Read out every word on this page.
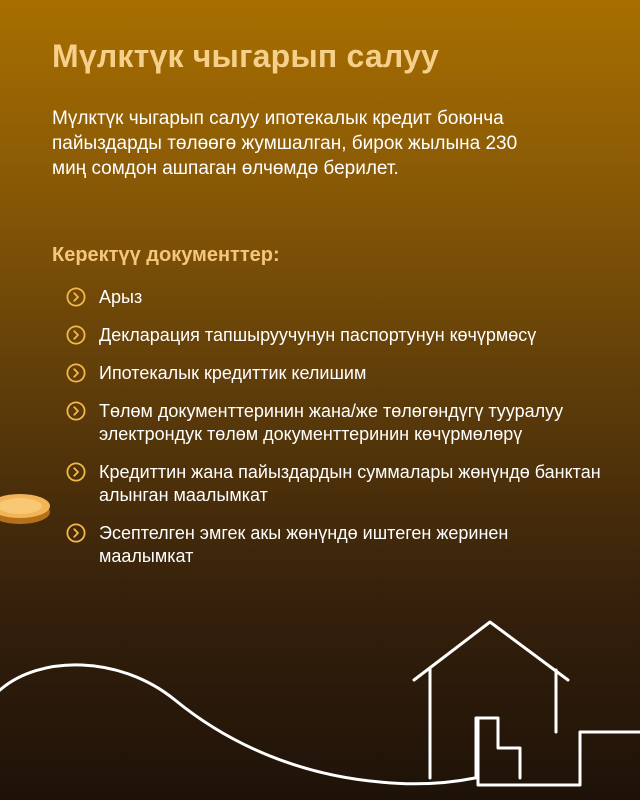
Мүлктүк чыгарып салуу

Мүлктүк чыгарып салуу ипотекалык кредит боюнча пайыздарды төлөөгө жумшалган, бирок жылына 230 миң сомдон ашпаган өлчөмдө берилет.

Керектүү документтер:
Арыз
Декларация тапшыруучунун паспортунун көчүрмөсү
Ипотекалык кредиттик келишим
Төлөм документтеринин жана/же төлөгөндүгү тууралуу электрондук төлөм документтеринин көчүрмөлөрү
Кредиттин жана пайыздардын суммалары жөнүндө банктан алынган маалымкат
Эсептелген эмгек акы жөнүндө иштеген жеринен маалымкат
